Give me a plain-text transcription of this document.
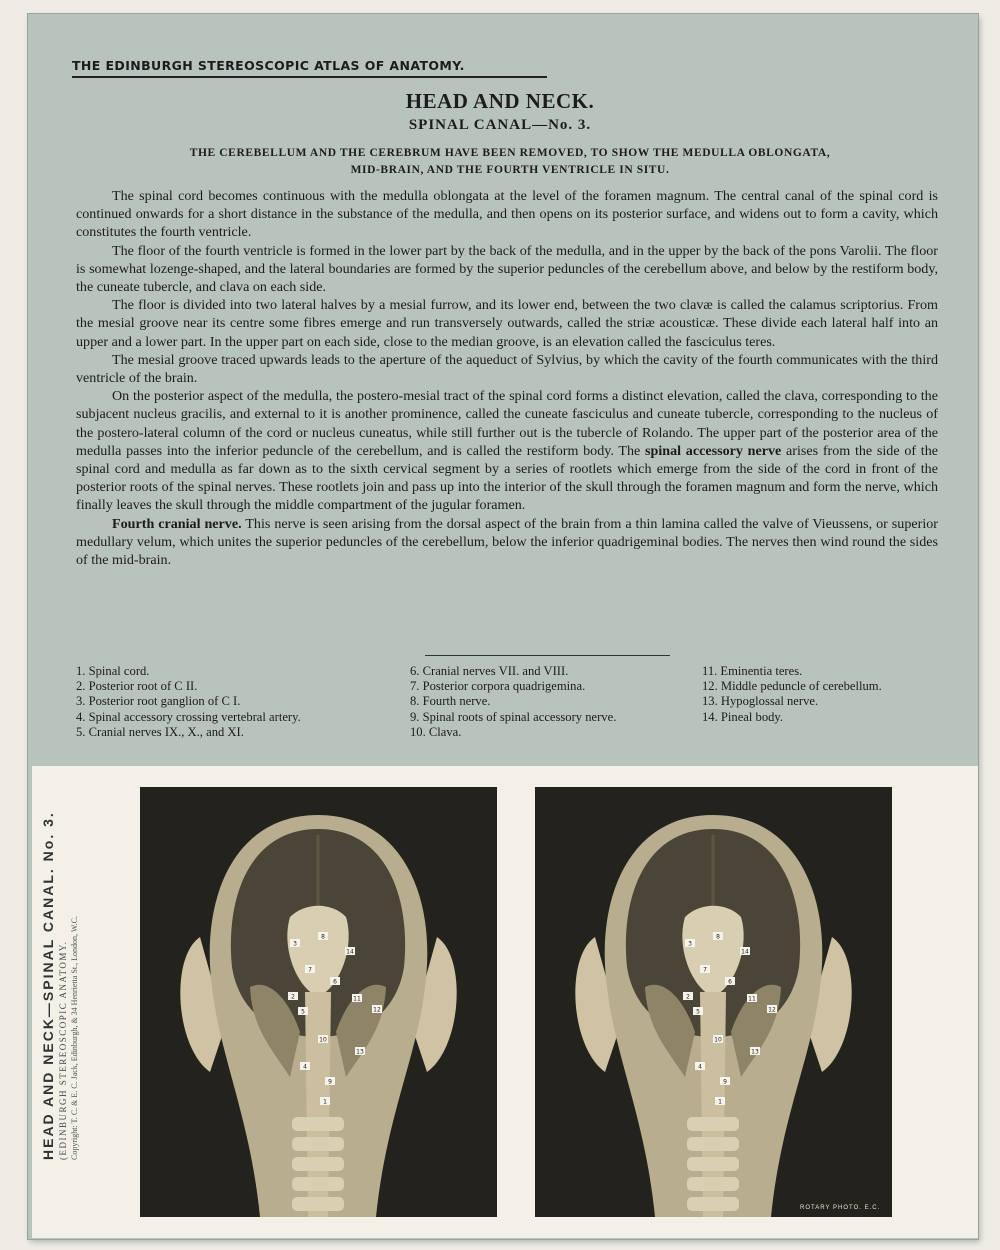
THE EDINBURGH STEREOSCOPIC ATLAS OF ANATOMY.
HEAD AND NECK.
SPINAL CANAL—No. 3.
THE CEREBELLUM AND THE CEREBRUM HAVE BEEN REMOVED, TO SHOW THE MEDULLA OBLONGATA,
MID-BRAIN, AND THE FOURTH VENTRICLE IN SITU.

The spinal cord becomes continuous with the medulla oblongata at the level of the foramen magnum. The central canal of the spinal cord is continued onwards for a short distance in the substance of the medulla, and then opens on its posterior surface, and widens out to form a cavity, which constitutes the fourth ventricle.

The floor of the fourth ventricle is formed in the lower part by the back of the medulla, and in the upper by the back of the pons Varolii. The floor is somewhat lozenge-shaped, and the lateral boundaries are formed by the superior peduncles of the cerebellum above, and below by the restiform body, the cuneate tubercle, and clava on each side.

The floor is divided into two lateral halves by a mesial furrow, and its lower end, between the two clavæ is called the calamus scriptorius. From the mesial groove near its centre some fibres emerge and run transversely outwards, called the striæ acousticæ. These divide each lateral half into an upper and a lower part. In the upper part on each side, close to the median groove, is an elevation called the fasciculus teres.

The mesial groove traced upwards leads to the aperture of the aqueduct of Sylvius, by which the cavity of the fourth communicates with the third ventricle of the brain.

On the posterior aspect of the medulla, the postero-mesial tract of the spinal cord forms a distinct elevation, called the clava, corresponding to the subjacent nucleus gracilis, and external to it is another prominence, called the cuneate fasciculus and cuneate tubercle, corresponding to the nucleus of the postero-lateral column of the cord or nucleus cuneatus, while still further out is the tubercle of Rolando. The upper part of the posterior area of the medulla passes into the inferior peduncle of the cerebellum, and is called the restiform body. The spinal accessory nerve arises from the side of the spinal cord and medulla as far down as to the sixth cervical segment by a series of rootlets which emerge from the side of the cord in front of the posterior roots of the spinal nerves. These rootlets join and pass up into the interior of the skull through the foramen magnum and form the nerve, which finally leaves the skull through the middle compartment of the jugular foramen.

Fourth cranial nerve. This nerve is seen arising from the dorsal aspect of the brain from a thin lamina called the valve of Vieussens, or superior medullary velum, which unites the superior peduncles of the cerebellum, below the inferior quadrigeminal bodies. The nerves then wind round the sides of the mid-brain.

1. Spinal cord.
2. Posterior root of C II.
3. Posterior root ganglion of C I.
4. Spinal accessory crossing vertebral artery.
5. Cranial nerves IX., X., and XI.
6. Cranial nerves VII. and VIII.
7. Posterior corpora quadrigemina.
8. Fourth nerve.
9. Spinal roots of spinal accessory nerve.
10. Clava.
11. Eminentia teres.
12. Middle peduncle of cerebellum.
13. Hypoglossal nerve.
14. Pineal body.
HEAD AND NECK—SPINAL CANAL. No. 3. (EDINBURGH STEREOSCOPIC ANATOMY. Copyright: T. C. & E. C. Jack, Edinburgh, & 34 Henrietta St., London, W.C.	14
8
7
6
5
11
12
10
13
9
3
2
4
1
14
8
7
6
5
11
12
10
13
9
3
2
4
1
ROTARY PHOTO. E.C.
